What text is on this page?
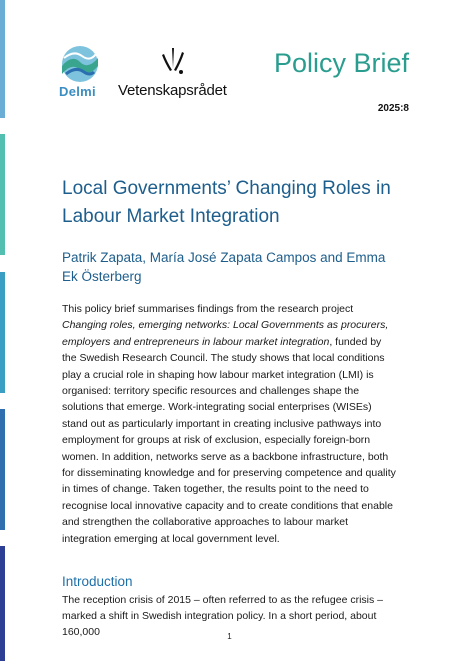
Delmi Vetenskapsrådet
Policy Brief
2025:8
Local Governments’ Changing Roles in Labour Market Integration
Patrik Zapata, María José Zapata Campos and Emma Ek Österberg

This policy brief summarises findings from the research project Changing roles, emerging networks: Local Governments as procurers, employers and entrepreneurs in labour market integration, funded by the Swedish Research Council. The study shows that local conditions play a crucial role in shaping how labour market integration (LMI) is organised: territory specific resources and challenges shape the solutions that emerge. Work-integrating social enterprises (WISEs) stand out as particularly important in creating inclusive pathways into employment for groups at risk of exclusion, especially foreign-born women. In addition, networks serve as a backbone infrastructure, both for disseminating knowledge and for preserving competence and quality in times of change. Taken together, the results point to the need to recognise local innovative capacity and to create conditions that enable and strengthen the collaborative approaches to labour market integration emerging at local government level.

Introduction

The reception crisis of 2015 – often referred to as the refugee crisis – marked a shift in Swedish integration policy. In a short period, about 160,000	1
